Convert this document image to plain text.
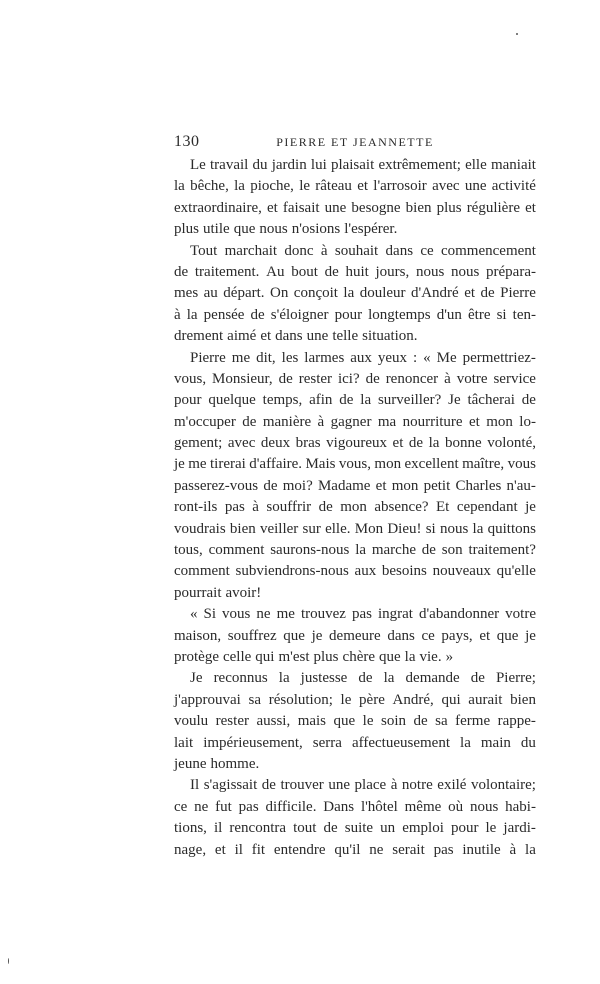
130	PIERRE ET JEANNETTE
Le travail du jardin lui plaisait extrêmement; elle maniait
la bêche, la pioche, le râteau et l'arrosoir avec une activité
extraordinaire, et faisait une besogne bien plus régulière et
plus utile que nous n'osions l'espérer.
Tout marchait donc à souhait dans ce commencement
de traitement. Au bout de huit jours, nous nous prépara-
mes au départ. On conçoit la douleur d'André et de Pierre
à la pensée de s'éloigner pour longtemps d'un être si ten-
drement aimé et dans une telle situation.
Pierre me dit, les larmes aux yeux : « Me permettriez-
vous, Monsieur, de rester ici? de renoncer à votre service
pour quelque temps, afin de la surveiller? Je tâcherai de
m'occuper de manière à gagner ma nourriture et mon lo-
gement; avec deux bras vigoureux et de la bonne volonté,
je me tirerai d'affaire. Mais vous, mon excellent maître, vous
passerez-vous de moi? Madame et mon petit Charles n'au-
ront-ils pas à souffrir de mon absence? Et cependant je
voudrais bien veiller sur elle. Mon Dieu! si nous la quittons
tous, comment saurons-nous la marche de son traitement?
comment subviendrons-nous aux besoins nouveaux qu'elle
pourrait avoir!
« Si vous ne me trouvez pas ingrat d'abandonner votre
maison, souffrez que je demeure dans ce pays, et que je
protège celle qui m'est plus chère que la vie. »
Je reconnus la justesse de la demande de Pierre;
j'approuvai sa résolution; le père André, qui aurait bien
voulu rester aussi, mais que le soin de sa ferme rappe-
lait impérieusement, serra affectueusement la main du
jeune homme.
Il s'agissait de trouver une place à notre exilé volontaire;
ce ne fut pas difficile. Dans l'hôtel même où nous habi-
tions, il rencontra tout de suite un emploi pour le jardi-
nage, et il fit entendre qu'il ne serait pas inutile à la
